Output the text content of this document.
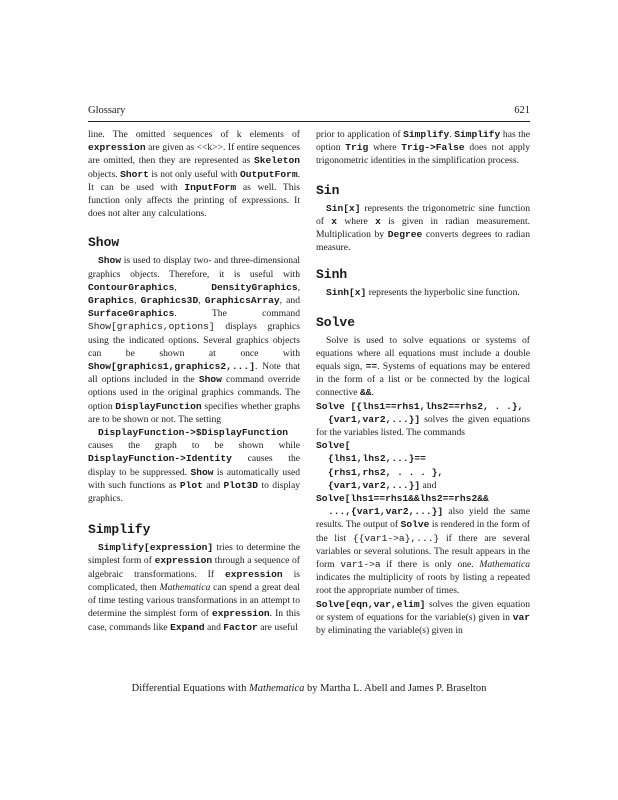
Glossary	621

line. The omitted sequences of k elements of expression are given as <<k>>. If entire sequences are omitted, then they are represented as Skeleton objects. Short is not only useful with OutputForm. It can be used with InputForm as well. This function only affects the printing of expressions. It does not alter any calculations.

Show

Show is used to display two- and three-dimensional graphics objects. Therefore, it is useful with ContourGraphics, DensityGraphics, Graphics, Graphics3D, GraphicsArray, and SurfaceGraphics. The command Show[graphics,options] displays graphics using the indicated options. Several graphics objects can be shown at once with Show[graphics1,graphics2,...]. Note that all options included in the Show command override options used in the original graphics commands. The option DisplayFunction specifies whether graphs are to be shown or not. The setting
DisplayFunction->$DisplayFunction
causes the graph to be shown while DisplayFunction->Identity causes the display to be suppressed. Show is automatically used with such functions as Plot and Plot3D to display graphics.

Simplify

Simplify[expression] tries to determine the simplest form of expression through a sequence of algebraic transformations. If expression is complicated, then Mathematica can spend a great deal of time testing various transformations in an attempt to determine the simplest form of expression. In this case, commands like Expand and Factor are useful

prior to application of Simplify. Simplify has the option Trig where Trig->False does not apply trigonometric identities in the simplification process.

Sin

Sin[x] represents the trigonometric sine function of x where x is given in radian measurement. Multiplication by Degree converts degrees to radian measure.

Sinh

Sinh[x] represents the hyperbolic sine function.

Solve

Solve is used to solve equations or systems of equations where all equations must include a double equals sign, ==. Systems of equations may be entered in the form of a list or be connected by the logical connective &&.

Solve [{lhs1==rhs1,lhs2==rhs2, . .},
{var1,var2,...}] solves the given equations for the variables listed. The commands
Solve[
{lhs1,lhs2,...}==
{rhs1,rhs2, . . . },
{var1,var2,...}] and
Solve[lhs1==rhs1&&lhs2==rhs2&&
...,{var1,var2,...}] also yield the same results. The output of Solve is rendered in the form of the list {{var1->a},...} if there are several variables or several solutions. The result appears in the form var1->a if there is only one. Mathematica indicates the multiplicity of roots by listing a repeated root the appropriate number of times.

Solve[eqn,var,elim] solves the given equation or system of equations for the variable(s) given in var by eliminating the variable(s) given in

Differential Equations with Mathematica by Martha L. Abell and James P. Braselton
